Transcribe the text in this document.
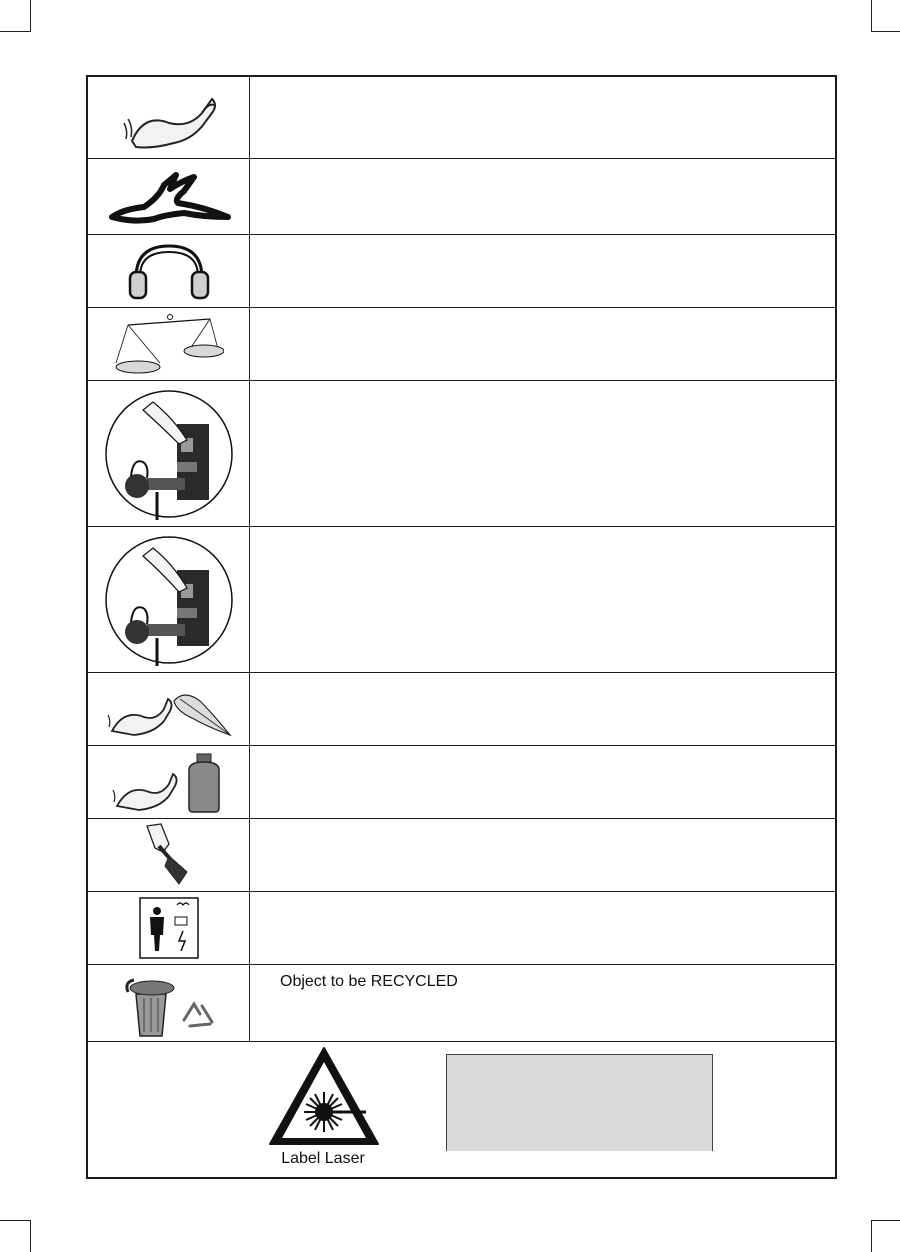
Object to be RECYCLED
Label Laser
